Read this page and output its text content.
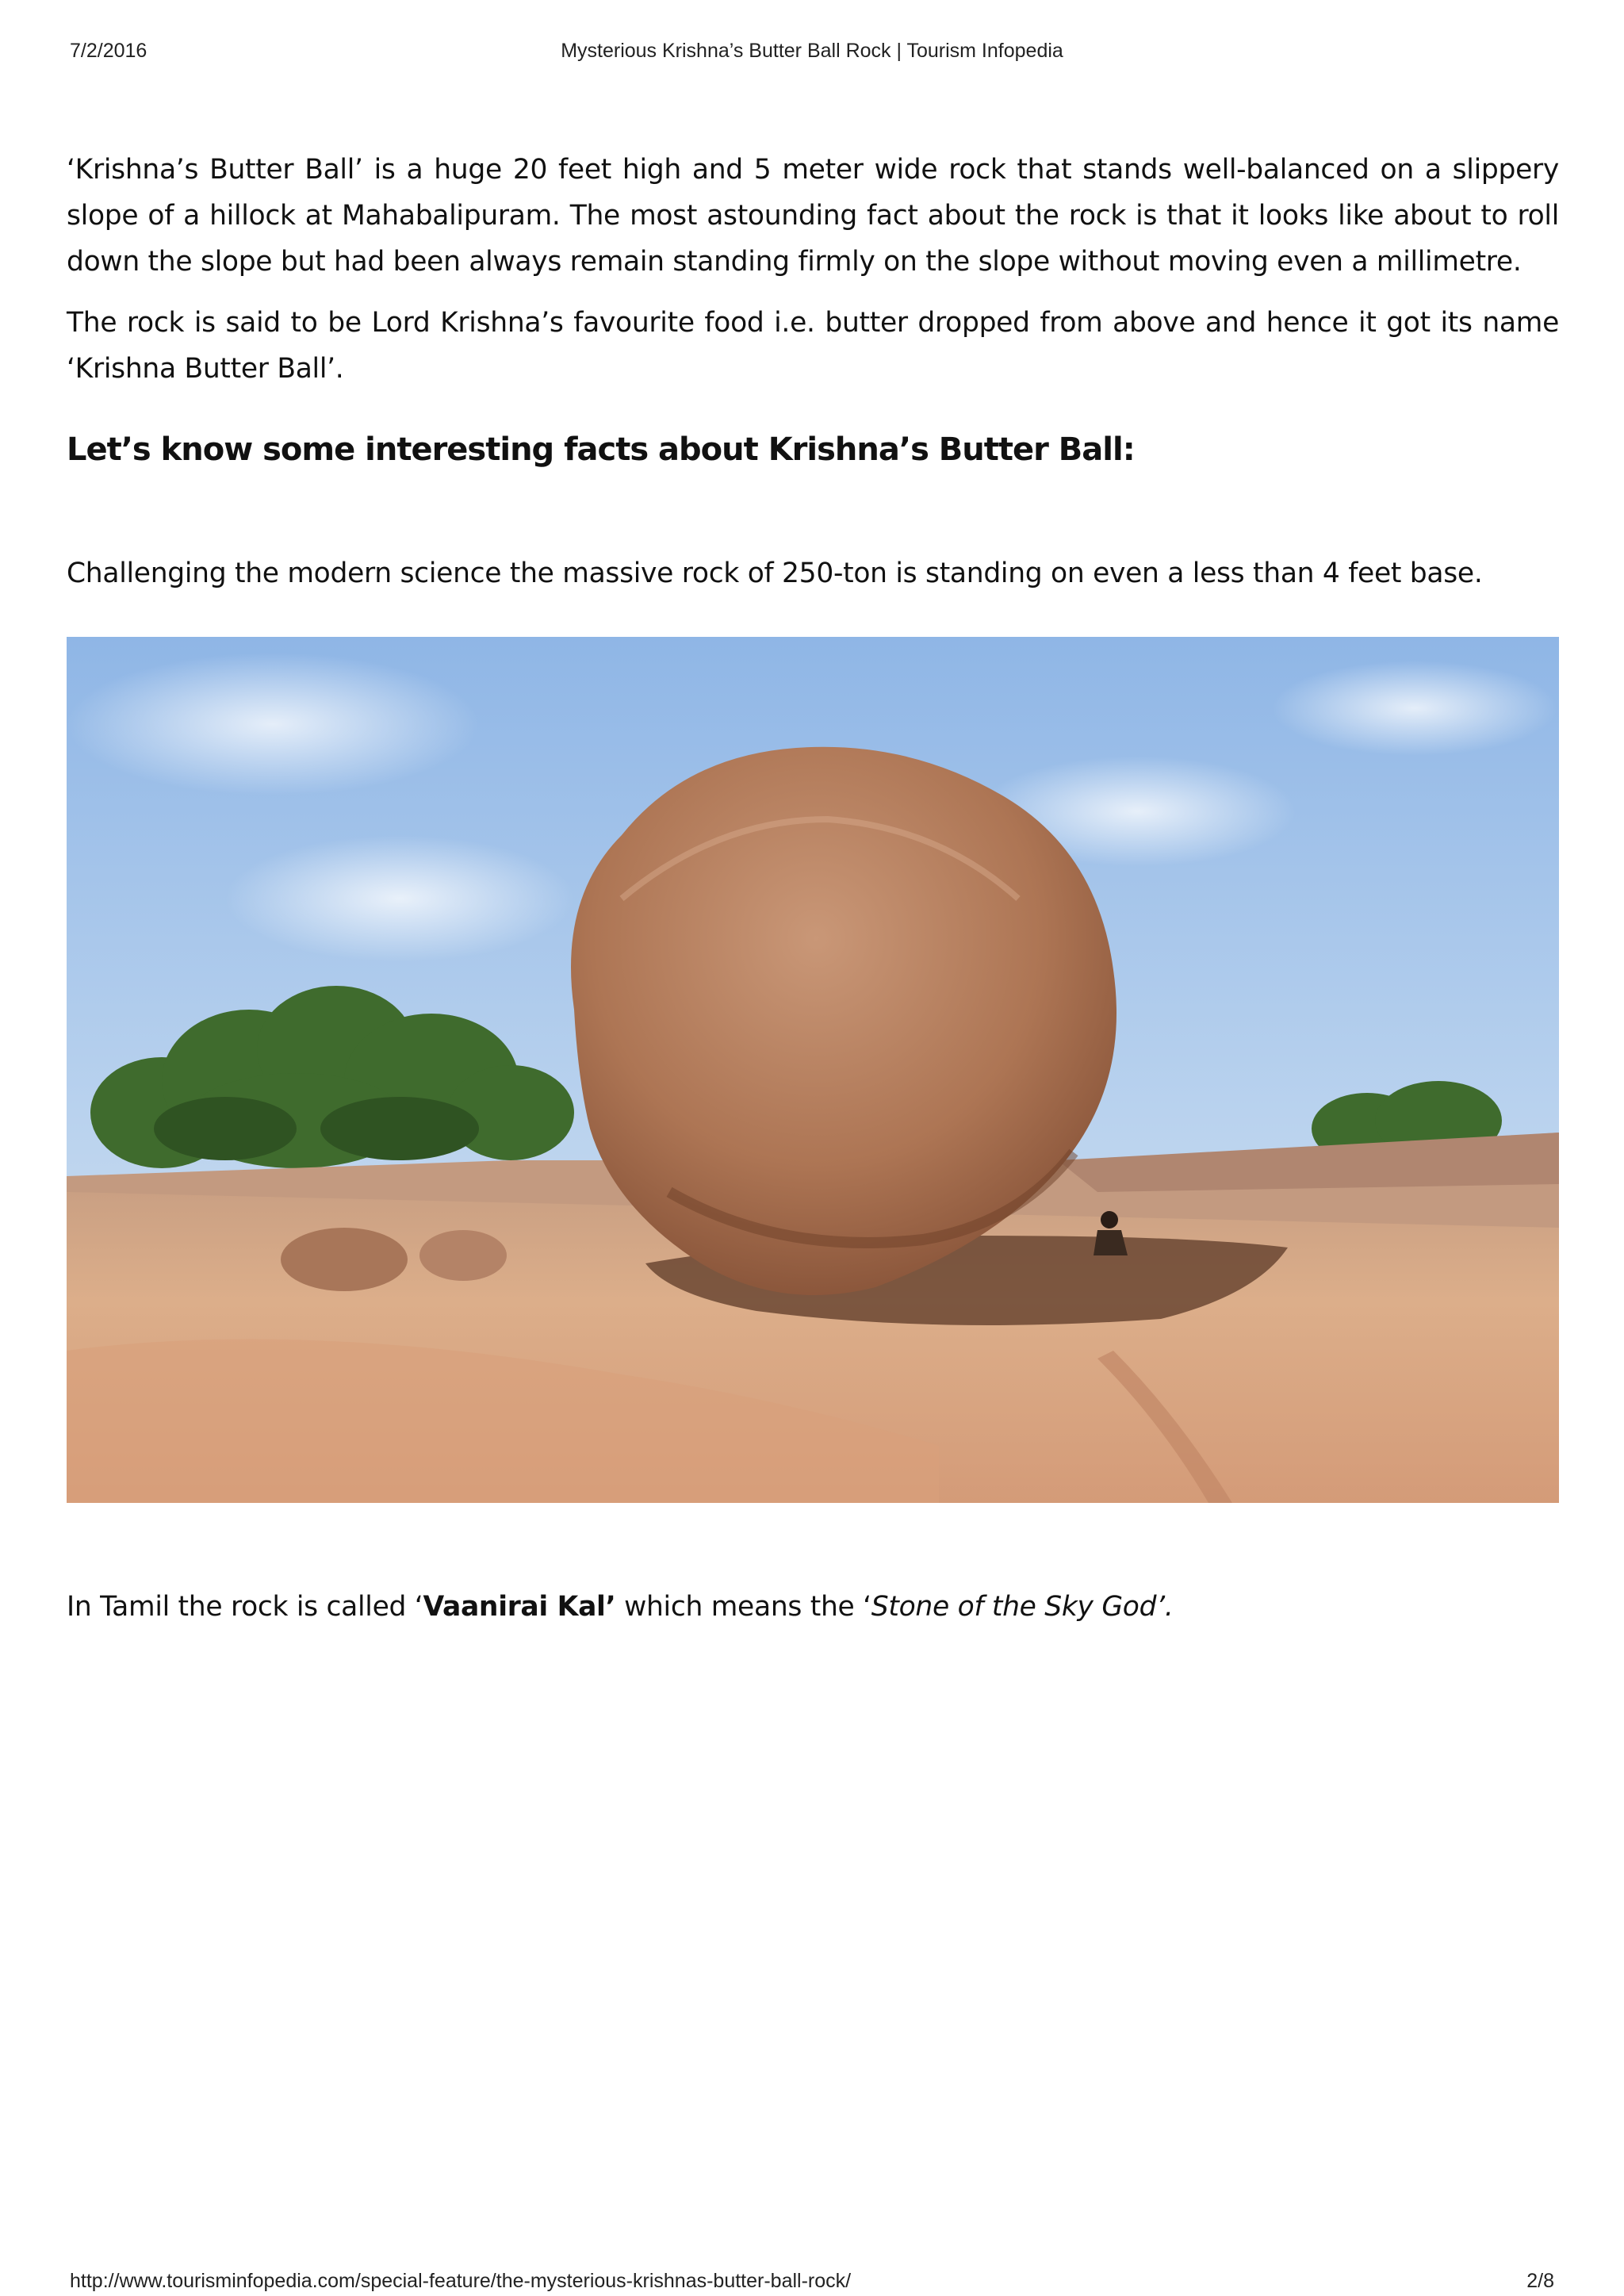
7/2/2016	Mysterious Krishna’s Butter Ball Rock | Tourism Infopedia

‘Krishna’s Butter Ball’ is a huge 20 feet high and 5 meter wide rock that stands well-balanced on a slippery slope of a hillock at Mahabalipuram. The most astounding fact about the rock is that it looks like about to roll down the slope but had been always remain standing firmly on the slope without moving even a millimetre.

The rock is said to be Lord Krishna’s favourite food i.e. butter dropped from above and hence it got its name ‘Krishna Butter Ball’.

Let’s know some interesting facts about Krishna’s Butter Ball:

Challenging the modern science the massive rock of 250-ton is standing on even a less than 4 feet base.

In Tamil the rock is called ‘Vaanirai Kal’ which means the ‘Stone of the Sky God’.
http://www.tourisminfopedia.com/special-feature/the-mysterious-krishnas-butter-ball-rock/	2/8
